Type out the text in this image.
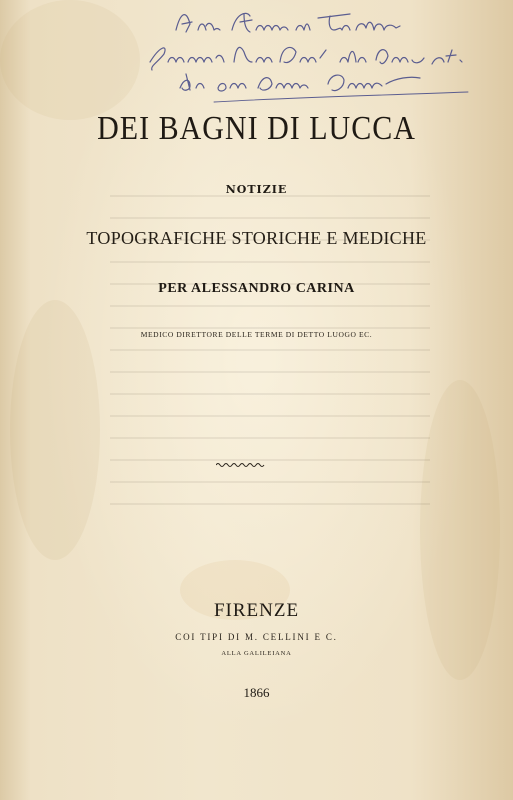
DEI BAGNI DI LUCCA
NOTIZIE
TOPOGRAFICHE STORICHE E MEDICHE
PER ALESSANDRO CARINA
MEDICO DIRETTORE DELLE TERME DI DETTO LUOGO EC.
FIRENZE
COI TIPI DI M. CELLINI E C.
ALLA GALILEIANA
1866
